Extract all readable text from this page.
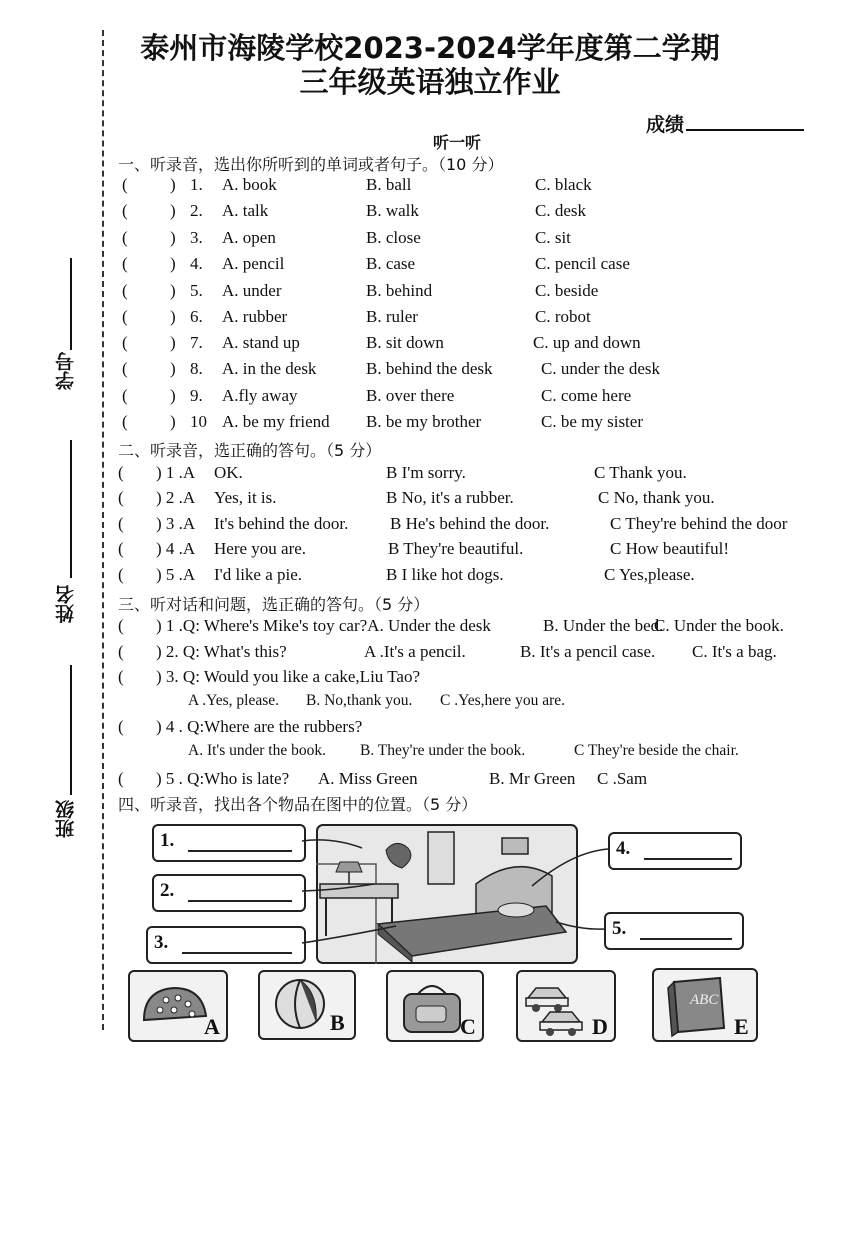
学号
姓名
班级
泰州市海陵学校2023-2024学年度第二学期
三年级英语独立作业
成绩
听一听
一、听录音，选出你所听到的单词或者句子。（10 分）
( ) 1. A. book	B. ball	C. black
( ) 2. A. talk	B. walk	C. desk
( ) 3. A. open	B. close	C. sit
( ) 4. A. pencil	B. case	C. pencil case
( ) 5. A. under	B. behind	C. beside
( ) 6. A. rubber	B. ruler	C. robot
( ) 7. A. stand up	B. sit down	C. up and down
( ) 8. A. in the desk	B. behind the desk	C. under the desk
( ) 9. A.fly away	B. over there	C. come here
( ) 10 A. be my friend B. be my brother	C. be my sister
二、听录音，选正确的答句。（5 分）
( ) 1 .A OK.	B I'm sorry.	C Thank you.
( ) 2 .A Yes, it is.	B No, it's a rubber.	C No, thank you.
( ) 3 .A It's behind the door. B He's behind the door.	C They're behind the door
( ) 4 .A Here you are.	B They're beautiful.	C How beautiful!
( ) 5 .A I'd like a pie.	B I like hot dogs.	C Yes,please.
三、听对话和问题，选正确的答句。（5 分）
( ) 1 .Q: Where's Mike's toy car?A. Under the desk	B. Under the bed.
C. Under the book.
( ) 2. Q: What's this?	A .It's a pencil.	B. It's a pencil case. C. It's a bag.
( ) 3. Q: Would you like a cake,Liu Tao?
A .Yes, please. B. No,thank you. C .Yes,here you are.
( ) 4 . Q:Where are the rubbers?
A. It's under the book. B. They're under the book.	C They're beside the chair.
( ) 5 . Q:Who is late? A. Miss Green	B. Mr Green C .Sam
四、听录音，找出各个物品在图中的位置。（5 分）
1.
2.
3.
4.
5.
A	B	C	D
ABC
E
